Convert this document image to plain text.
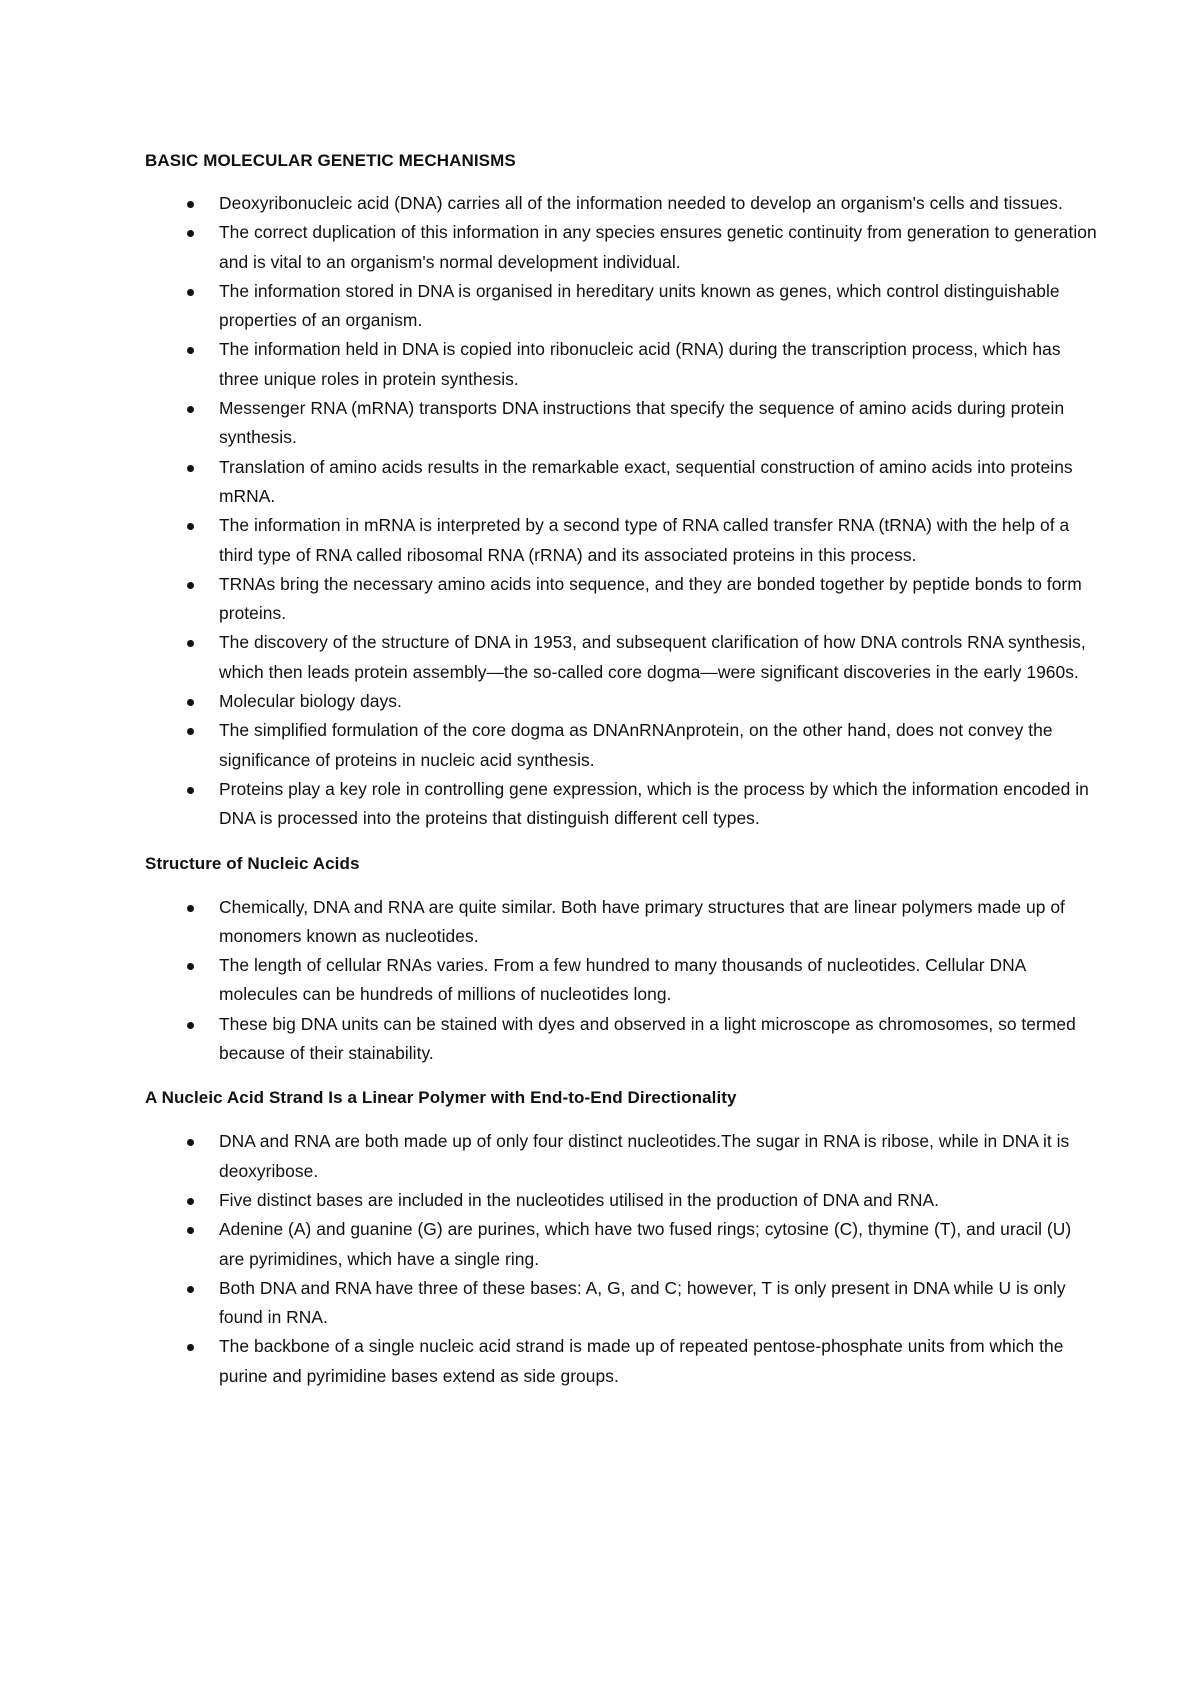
BASIC MOLECULAR GENETIC MECHANISMS
Deoxyribonucleic acid (DNA) carries all of the information needed to develop an organism's cells and tissues.
The correct duplication of this information in any species ensures genetic continuity from generation to generation and is vital to an organism's normal development individual.
The information stored in DNA is organised in hereditary units known as genes, which control distinguishable properties of an organism.
The information held in DNA is copied into ribonucleic acid (RNA) during the transcription process, which has three unique roles in protein synthesis.
Messenger RNA (mRNA) transports DNA instructions that specify the sequence of amino acids during protein synthesis.
Translation of amino acids results in the remarkable exact, sequential construction of amino acids into proteins mRNA.
The information in mRNA is interpreted by a second type of RNA called transfer RNA (tRNA) with the help of a third type of RNA called ribosomal RNA (rRNA) and its associated proteins in this process.
TRNAs bring the necessary amino acids into sequence, and they are bonded together by peptide bonds to form proteins.
The discovery of the structure of DNA in 1953, and subsequent clarification of how DNA controls RNA synthesis, which then leads protein assembly—the so-called core dogma—were significant discoveries in the early 1960s.
Molecular biology days.
The simplified formulation of the core dogma as DNAnRNAnprotein, on the other hand, does not convey the significance of proteins in nucleic acid synthesis.
Proteins play a key role in controlling gene expression, which is the process by which the information encoded in DNA is processed into the proteins that distinguish different cell types.
Structure of Nucleic Acids
Chemically, DNA and RNA are quite similar. Both have primary structures that are linear polymers made up of monomers known as nucleotides.
The length of cellular RNAs varies. From a few hundred to many thousands of nucleotides. Cellular DNA molecules can be hundreds of millions of nucleotides long.
These big DNA units can be stained with dyes and observed in a light microscope as chromosomes, so termed because of their stainability.
A Nucleic Acid Strand Is a Linear Polymer with End-to-End Directionality
DNA and RNA are both made up of only four distinct nucleotides.The sugar in RNA is ribose, while in DNA it is deoxyribose.
Five distinct bases are included in the nucleotides utilised in the production of DNA and RNA.
Adenine (A) and guanine (G) are purines, which have two fused rings; cytosine (C), thymine (T), and uracil (U) are pyrimidines, which have a single ring.
Both DNA and RNA have three of these bases: A, G, and C; however, T is only present in DNA while U is only found in RNA.
The backbone of a single nucleic acid strand is made up of repeated pentose-phosphate units from which the purine and pyrimidine bases extend as side groups.
